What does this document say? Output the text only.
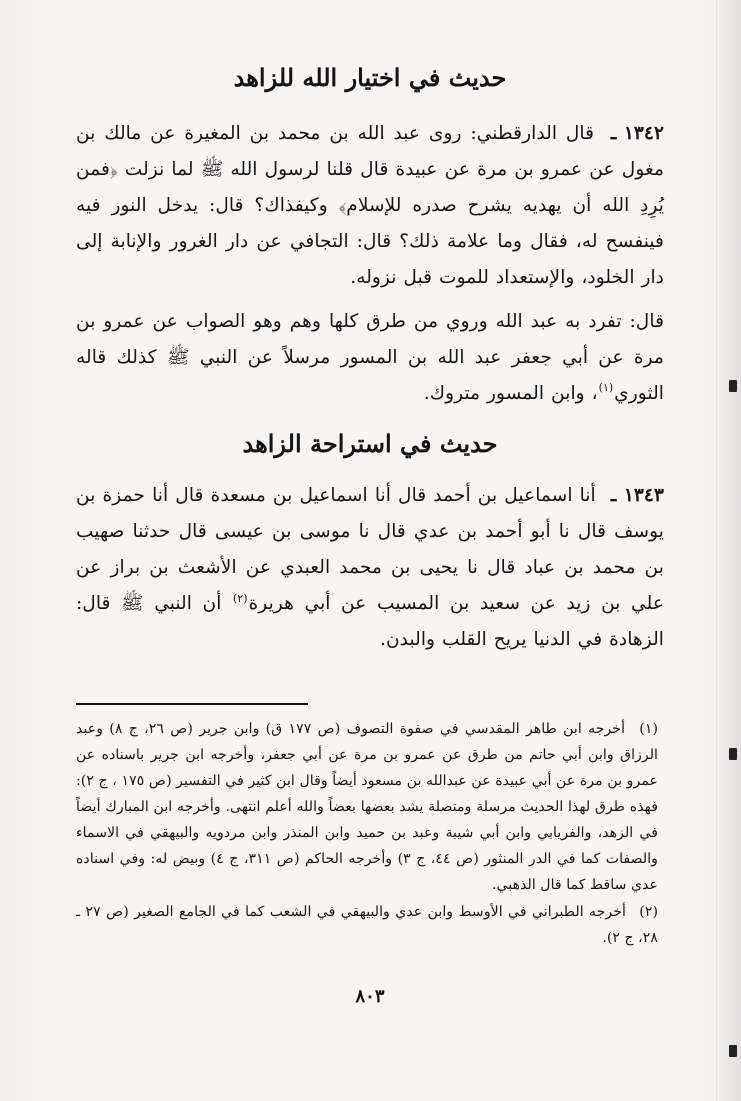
حديث في اختيار الله للزاهد

١٣٤٢ ـ قال الدارقطني: روى عبد الله بن محمد بن المغيرة عن مالك بن مغول عن عمرو بن مرة عن عبيدة قال قلنا لرسول الله ﷺ لما نزلت ﴿فمن يُرِدِ الله أن يهديه يشرح صدره للإسلام﴾ وكيفذاك؟ قال: يدخل النور فيه فينفسح له، فقال وما علامة ذلك؟ قال: التجافي عن دار الغرور والإنابة إلى دار الخلود، والإستعداد للموت قبل نزوله.

قال: تفرد به عبد الله وروي من طرق كلها وهم وهو الصواب عن عمرو بن مرة عن أبي جعفر عبد الله بن المسور مرسلاً عن النبي ﷺ كذلك قاله الثوري$^{(١)}$، وابن المسور متروك.

حديث في استراحة الزاهد

١٣٤٣ ـ أنا اسماعيل بن أحمد قال أنا اسماعيل بن مسعدة قال أنا حمزة بن يوسف قال نا أبو أحمد بن عدي قال نا موسى بن عيسى قال حدثنا صهيب بن محمد بن عباد قال نا يحيى بن محمد العبدي عن الأشعث بن براز عن علي بن زيد عن سعيد بن المسيب عن أبي هريرة$^{(٢)}$ أن النبي ﷺ قال: الزهادة في الدنيا يريح القلب والبدن.

(١) أخرجه ابن طاهر المقدسي في صفوة التصوف (ص ١٧٧ ق) وابن جرير (ص ٢٦، ج ٨) وعبد الرزاق وابن أبي حاتم من طرق عن عمرو بن مرة عن أبي جعفر، وأخرجه ابن جرير باسناده عن عمرو بن مرة عن أبي عبيدة عن عبدالله بن مسعود أيضاً وقال ابن كثير في التفسير (ص ١٧٥ ، ج ٢): فهذه طرق لهذا الحديث مرسلة ومتصلة يشد بعضها بعضاً والله أعلم انتهى. وأخرجه ابن المبارك أيضاً في الزهد، والفريابي وابن أبي شيبة وعبد بن حميد وابن المنذر وابن مردويه والبيهقي في الاسماء والصفات كما في الدر المنثور (ص ٤٤، ج ٣) وأخرجه الحاكم (ص ٣١١، ج ٤) وبيض له: وفي اسناده عدي ساقط كما قال الذهبي.

(٢) أخرجه الطبراني في الأوسط وابن عدي والبيهقي في الشعب كما في الجامع الصغير (ص ٢٧ ـ ٢٨، ج ٢).

٨٠٣
